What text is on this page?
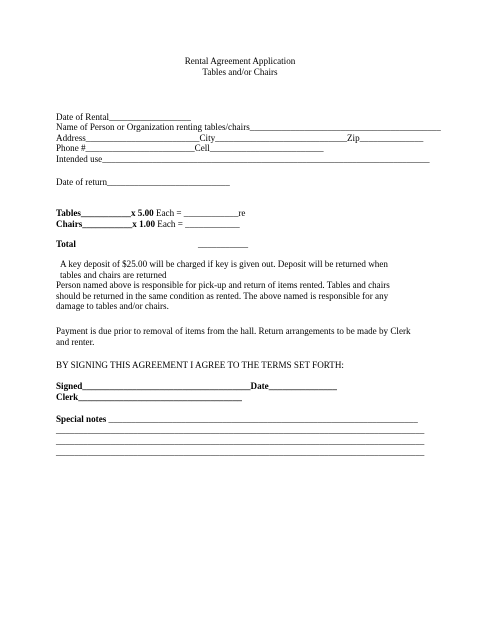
Rental Agreement Application
Tables and/or Chairs
Date of Rental__________________
Name of Person or Organization renting tables/chairs__________________________________________
Address_________________________City_____________________________Zip______________
Phone #________________________Cell_________________________
Intended use________________________________________________________________________
Date of return___________________________
Tables___________x 5.00 Each = ____________re
Chairs___________x 1.00 Each = ____________
Total	___________
A key deposit of $25.00 will be charged if key is given out. Deposit will be returned when tables and chairs are returned
Person named above is responsible for pick-up and return of items rented. Tables and chairs should be returned in the same condition as rented. The above named is responsible for any damage to tables and/or chairs.
Payment is due prior to removal of items from the hall. Return arrangements to be made by Clerk and renter.
BY SIGNING THIS AGREEMENT I AGREE TO THE TERMS SET FORTH:
Signed_____________________________________Date_______________
Clerk____________________________________
Special notes ____________________________________________________________________
_________________________________________________________________________________
_________________________________________________________________________________
_________________________________________________________________________________
